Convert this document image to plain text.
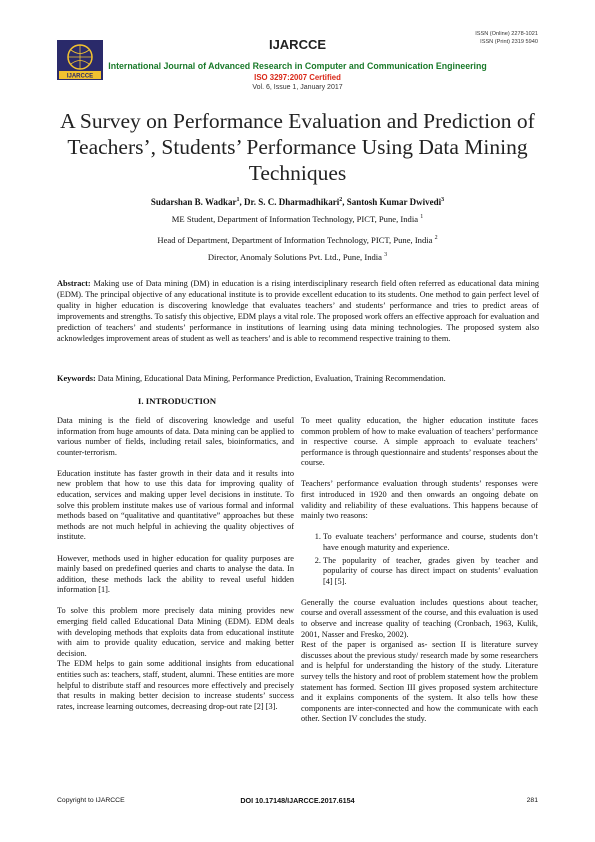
IJARCCE
IJARCCE
ISSN (Online) 2278-1021
ISSN (Print) 2319 5940
International Journal of Advanced Research in Computer and Communication Engineering
ISO 3297:2007 Certified
Vol. 6, Issue 1, January 2017
A Survey on Performance Evaluation and Prediction of Teachers’, Students’ Performance Using Data Mining Techniques
Sudarshan B. Wadkar$^1$, Dr. S. C. Dharmadhikari$^2$, Santosh Kumar Dwivedi$^3$
ME Student, Department of Information Technology, PICT, Pune, India $^1$
Head of Department, Department of Information Technology, PICT, Pune, India $^2$
Director, Anomaly Solutions Pvt. Ltd., Pune, India $^3$
Abstract: Making use of Data mining (DM) in education is a rising interdisciplinary research field often referred as educational data mining (EDM). The principal objective of any educational institute is to provide excellent education to its students. One method to gain perfect level of quality in higher education is discovering knowledge that evaluates teachers’ and students’ performance and tries to predict areas of improvements and strengths. To satisfy this objective, EDM plays a vital role. The proposed work offers an effective approach for evaluation and prediction of teachers’ and students’ performance in institutions of learning using data mining technologies. The proposed system also acknowledges improvement areas of student as well as teachers’ and is able to recommend respective training to them.
Keywords: Data Mining, Educational Data Mining, Performance Prediction, Evaluation, Training Recommendation.
I. INTRODUCTION

Data mining is the field of discovering knowledge and useful information from huge amounts of data. Data mining can be applied to various number of fields, including retail sales, bioinformatics, and counter-terrorism.

Education institute has faster growth in their data and it results into new problem that how to use this data for improving quality of education, services and making upper level decisions in institute. To solve this problem institute makes use of various formal and informal methods based on “qualitative and quantitative” approaches but these methods are not much helpful in achieving the quality objectives of institute.

However, methods used in higher education for quality purposes are mainly based on predefined queries and charts to analyse the data. In addition, these methods lack the ability to reveal useful hidden information [1].

To solve this problem more precisely data mining provides new emerging field called Educational Data Mining (EDM). EDM deals with developing methods that exploits data from educational institute with aim to provide quality education, service and making better decision.

The EDM helps to gain some additional insights from educational entities such as: teachers, staff, student, alumni. These entities are more helpful to distribute staff and resources more effectively and precisely that results in making better decision to increase students’ success rates, increase learning outcomes, decreasing drop-out rate [2] [3].

To meet quality education, the higher education institute faces common problem of how to make evaluation of teachers’ performance in respective course. A simple approach to evaluate teachers’ performance is through questionnaire and students’ responses about the course.

Teachers’ performance evaluation through students’ responses were first introduced in 1920 and then onwards an ongoing debate on validity and reliability of these evaluations. This happens because of mainly two reasons:

1. To evaluate teachers’ performance and course, students don’t have enough maturity and experience.
2. The popularity of teacher, grades given by teacher and popularity of course has direct impact on students’ evaluation [4] [5].

Generally the course evaluation includes questions about teacher, course and overall assessment of the course, and this evaluation is used to observe and increase quality of teaching (Cronbach, 1963, Kulik, 2001, Nasser and Fresko, 2002).

Rest of the paper is organised as- section II is literature survey discusses about the previous study/ research made by some researchers and is helpful for understanding the history of the study. Literature survey tells the history and root of problem statement how the problem statement has formed. Section III gives proposed system architecture and it explains components of the system. It also tells how these components are inter-connected and how the communicate with each other. Section IV concludes the study.

Copyright to IJARCCE	DOI 10.17148/IJARCCE.2017.6154	281
